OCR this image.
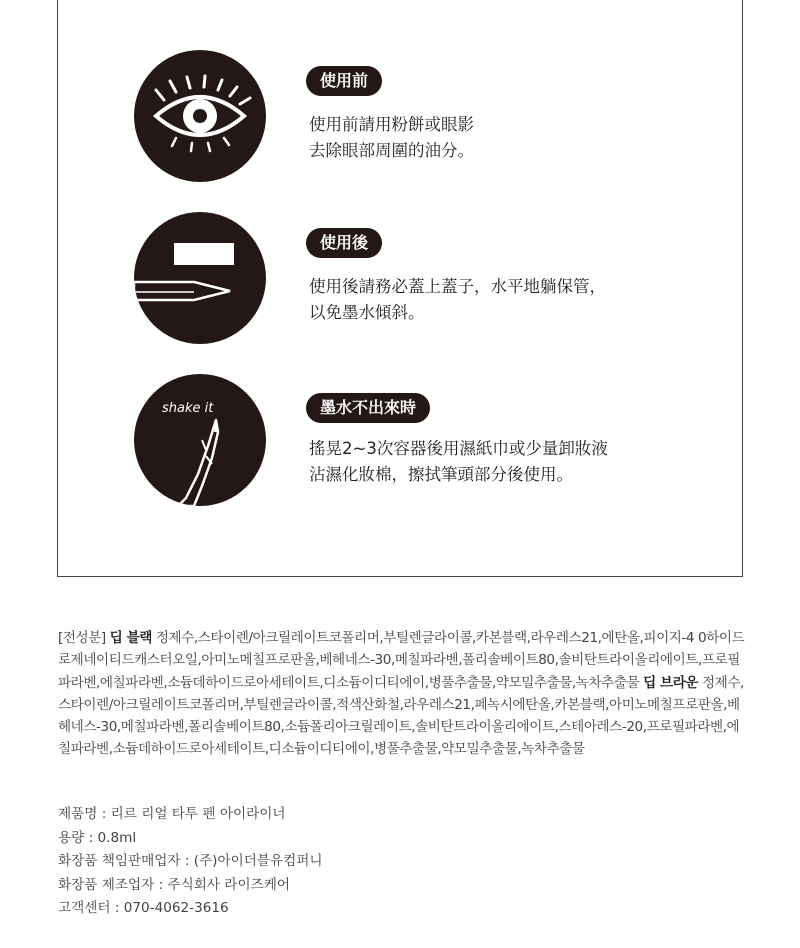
使用前
使用前請用粉餅或眼影
去除眼部周圍的油分。
使用後
使用後請務必蓋上蓋子，水平地躺保管，
以免墨水傾斜。
shake it	墨水不出來時
搖晃2~3次容器後用濕紙巾或少量卸妝液
沾濕化妝棉，擦拭筆頭部分後使用。
[전성분] 딥 블랙 정제수,스타이렌/아크릴레이트코폴리머,부틸렌글라이콜,카본블랙,라우레스21,에탄올,피이지-4 0하이드로제네이티드캐스터오일,아미노메칠프로판올,베헤네스-30,메칠파라벤,폴리솔베이트80,솔비탄트라이올리에이트,프로필파라벤,에칠파라벤,소듐데하이드로아세테이트,디소듐이디티에이,병풀추출물,약모밀추출물,녹차추출물 딥 브라운 정제수,스타이렌/아크릴레이트코폴리머,부틸렌글라이콜,적색산화철,라우레스21,페녹시에탄올,카본블랙,아미노메칠프로판올,베헤네스-30,메칠파라벤,폴리솔베이트80,소듐폴리아크릴레이트,솔비탄트라이올리에이트,스테아레스-20,프로필파라벤,에칠파라벤,소듐데하이드로아세테이트,디소듐이디티에이,병풀추출물,약모밀추출물,녹차추출물
제품명 : 리르 리얼 타투 펜 아이라이너
용량 : 0.8ml
화장품 책임판매업자 : (주)아이더블유컴퍼니
화장품 제조업자 : 주식회사 라이즈케어
고객센터 : 070-4062-3616
